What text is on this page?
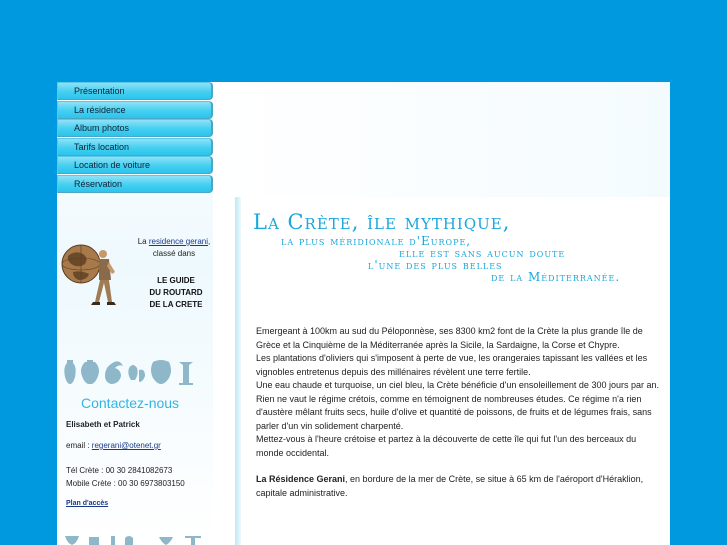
Présentation
La résidence
Album photos
Tarifs location
Location de voiture
Réservation
La residence gerani,
classé dans
LE GUIDE
DU ROUTARD
DE LA CRETE
Contactez-nous
Elisabeth et Patrick
email : regerani@otenet.gr
Tél Crète : 00 30 2841082673
Mobile Crète : 00 30 6973803150
Plan d'accès
La Crète, île mythique,
la plus méridionale d'Europe,
elle est sans aucun doute
l'une des plus belles
de la Méditerranée.

Emergeant à 100km au sud du Péloponnèse, ses 8300 km2 font de la Crète la plus grande île de Grèce et la Cinquième de la Méditerranée après la Sicile, la Sardaigne, la Corse et Chypre.

Les plantations d'oliviers qui s'imposent à perte de vue, les orangeraies tapissant les vallées et les vignobles entretenus depuis des millénaires révèlent une terre fertile.

Une eau chaude et turquoise, un ciel bleu, la Crète bénéficie d'un ensoleillement de 300 jours par an.

Rien ne vaut le régime crétois, comme en témoignent de nombreuses études. Ce régime n'a rien d'austère mêlant fruits secs, huile d'olive et quantité de poissons, de fruits et de légumes frais, sans parler d'un vin solidement charpenté.

Mettez-vous à l'heure crétoise et partez à la découverte de cette île qui fut l'un des berceaux du monde occidental.

La Résidence Gerani, en bordure de la mer de Crète, se situe à 65 km de l'aéroport d'Héraklion, capitale administrative.
